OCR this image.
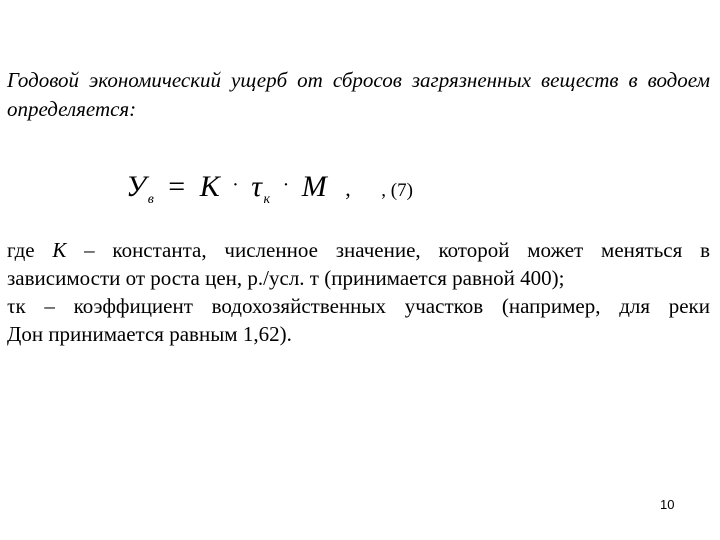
Годовой экономический ущерб от сбросов загрязненных веществ в водоем определяется:

$У_в = К \cdot \tau_к \cdot М$ , , (7)
где К – константа, численное значение, которой может меняться в
зависимости от роста цен, р./усл. т (принимается равной 400);
τк – коэффициент водохозяйственных участков (например, для реки
Дон принимается равным 1,62).
10
